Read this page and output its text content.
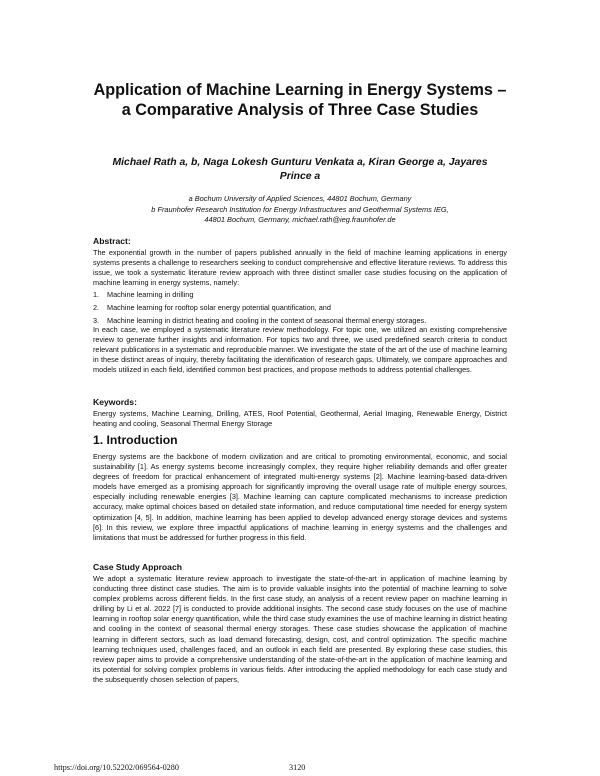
Application of Machine Learning in Energy Systems – a Comparative Analysis of Three Case Studies
Michael Rath a, b, Naga Lokesh Gunturu Venkata a, Kiran George a, Jayares
Prince a
a Bochum University of Applied Sciences, 44801 Bochum, Germany
b Fraunhofer Research Institution for Energy Infrastructures and Geothermal Systems IEG,
44801 Bochum, Germany, michael.rath@ieg.fraunhofer.de
Abstract:
The exponential growth in the number of papers published annually in the field of machine learning applications in energy systems presents a challenge to researchers seeking to conduct comprehensive and effective literature reviews. To address this issue, we took a systematic literature review approach with three distinct smaller case studies focusing on the application of machine learning in energy systems, namely:
1. Machine learning in drilling
2. Machine learning for rooftop solar energy potential quantification, and
3. Machine learning in district heating and cooling in the context of seasonal thermal energy storages.
In each case, we employed a systematic literature review methodology. For topic one, we utilized an existing comprehensive review to generate further insights and information. For topics two and three, we used predefined search criteria to conduct relevant publications in a systematic and reproducible manner. We investigate the state of the art of the use of machine learning in these distinct areas of inquiry, thereby facilitating the identification of research gaps. Ultimately, we compare approaches and models utilized in each field, identified common best practices, and propose methods to address potential challenges.
Keywords:
Energy systems, Machine Learning, Drilling, ATES, Roof Potential, Geothermal, Aerial Imaging, Renewable Energy, District heating and cooling, Seasonal Thermal Energy Storage
1. Introduction
Energy systems are the backbone of modern civilization and are critical to promoting environmental, economic, and social sustainability [1]. As energy systems become increasingly complex, they require higher reliability demands and offer greater degrees of freedom for practical enhancement of integrated multi-energy systems [2]. Machine learning-based data-driven models have emerged as a promising approach for significantly improving the overall usage rate of multiple energy sources, especially including renewable energies [3]. Machine learning can capture complicated mechanisms to increase prediction accuracy, make optimal choices based on detailed state information, and reduce computational time needed for energy system optimization [4, 5]. In addition, machine learning has been applied to develop advanced energy storage devices and systems [6]. In this review, we explore three impactful applications of machine learning in energy systems and the challenges and limitations that must be addressed for further progress in this field.
Case Study Approach
We adopt a systematic literature review approach to investigate the state-of-the-art in application of machine learning by conducting three distinct case studies. The aim is to provide valuable insights into the potential of machine learning to solve complex problems across different fields. In the first case study, an analysis of a recent review paper on machine learning in drilling by Li et al. 2022 [7] is conducted to provide additional insights. The second case study focuses on the use of machine learning in rooftop solar energy quantification, while the third case study examines the use of machine learning in district heating and cooling in the context of seasonal thermal energy storages. These case studies showcase the application of machine learning in different sectors, such as load demand forecasting, design, cost, and control optimization. The specific machine learning techniques used, challenges faced, and an outlook in each field are presented. By exploring these case studies, this review paper aims to provide a comprehensive understanding of the state-of-the-art in the application of machine learning and its potential for solving complex problems in various fields. After introducing the applied methodology for each case study and the subsequently chosen selection of papers,
https://doi.org/10.52202/069564-0280	3120
